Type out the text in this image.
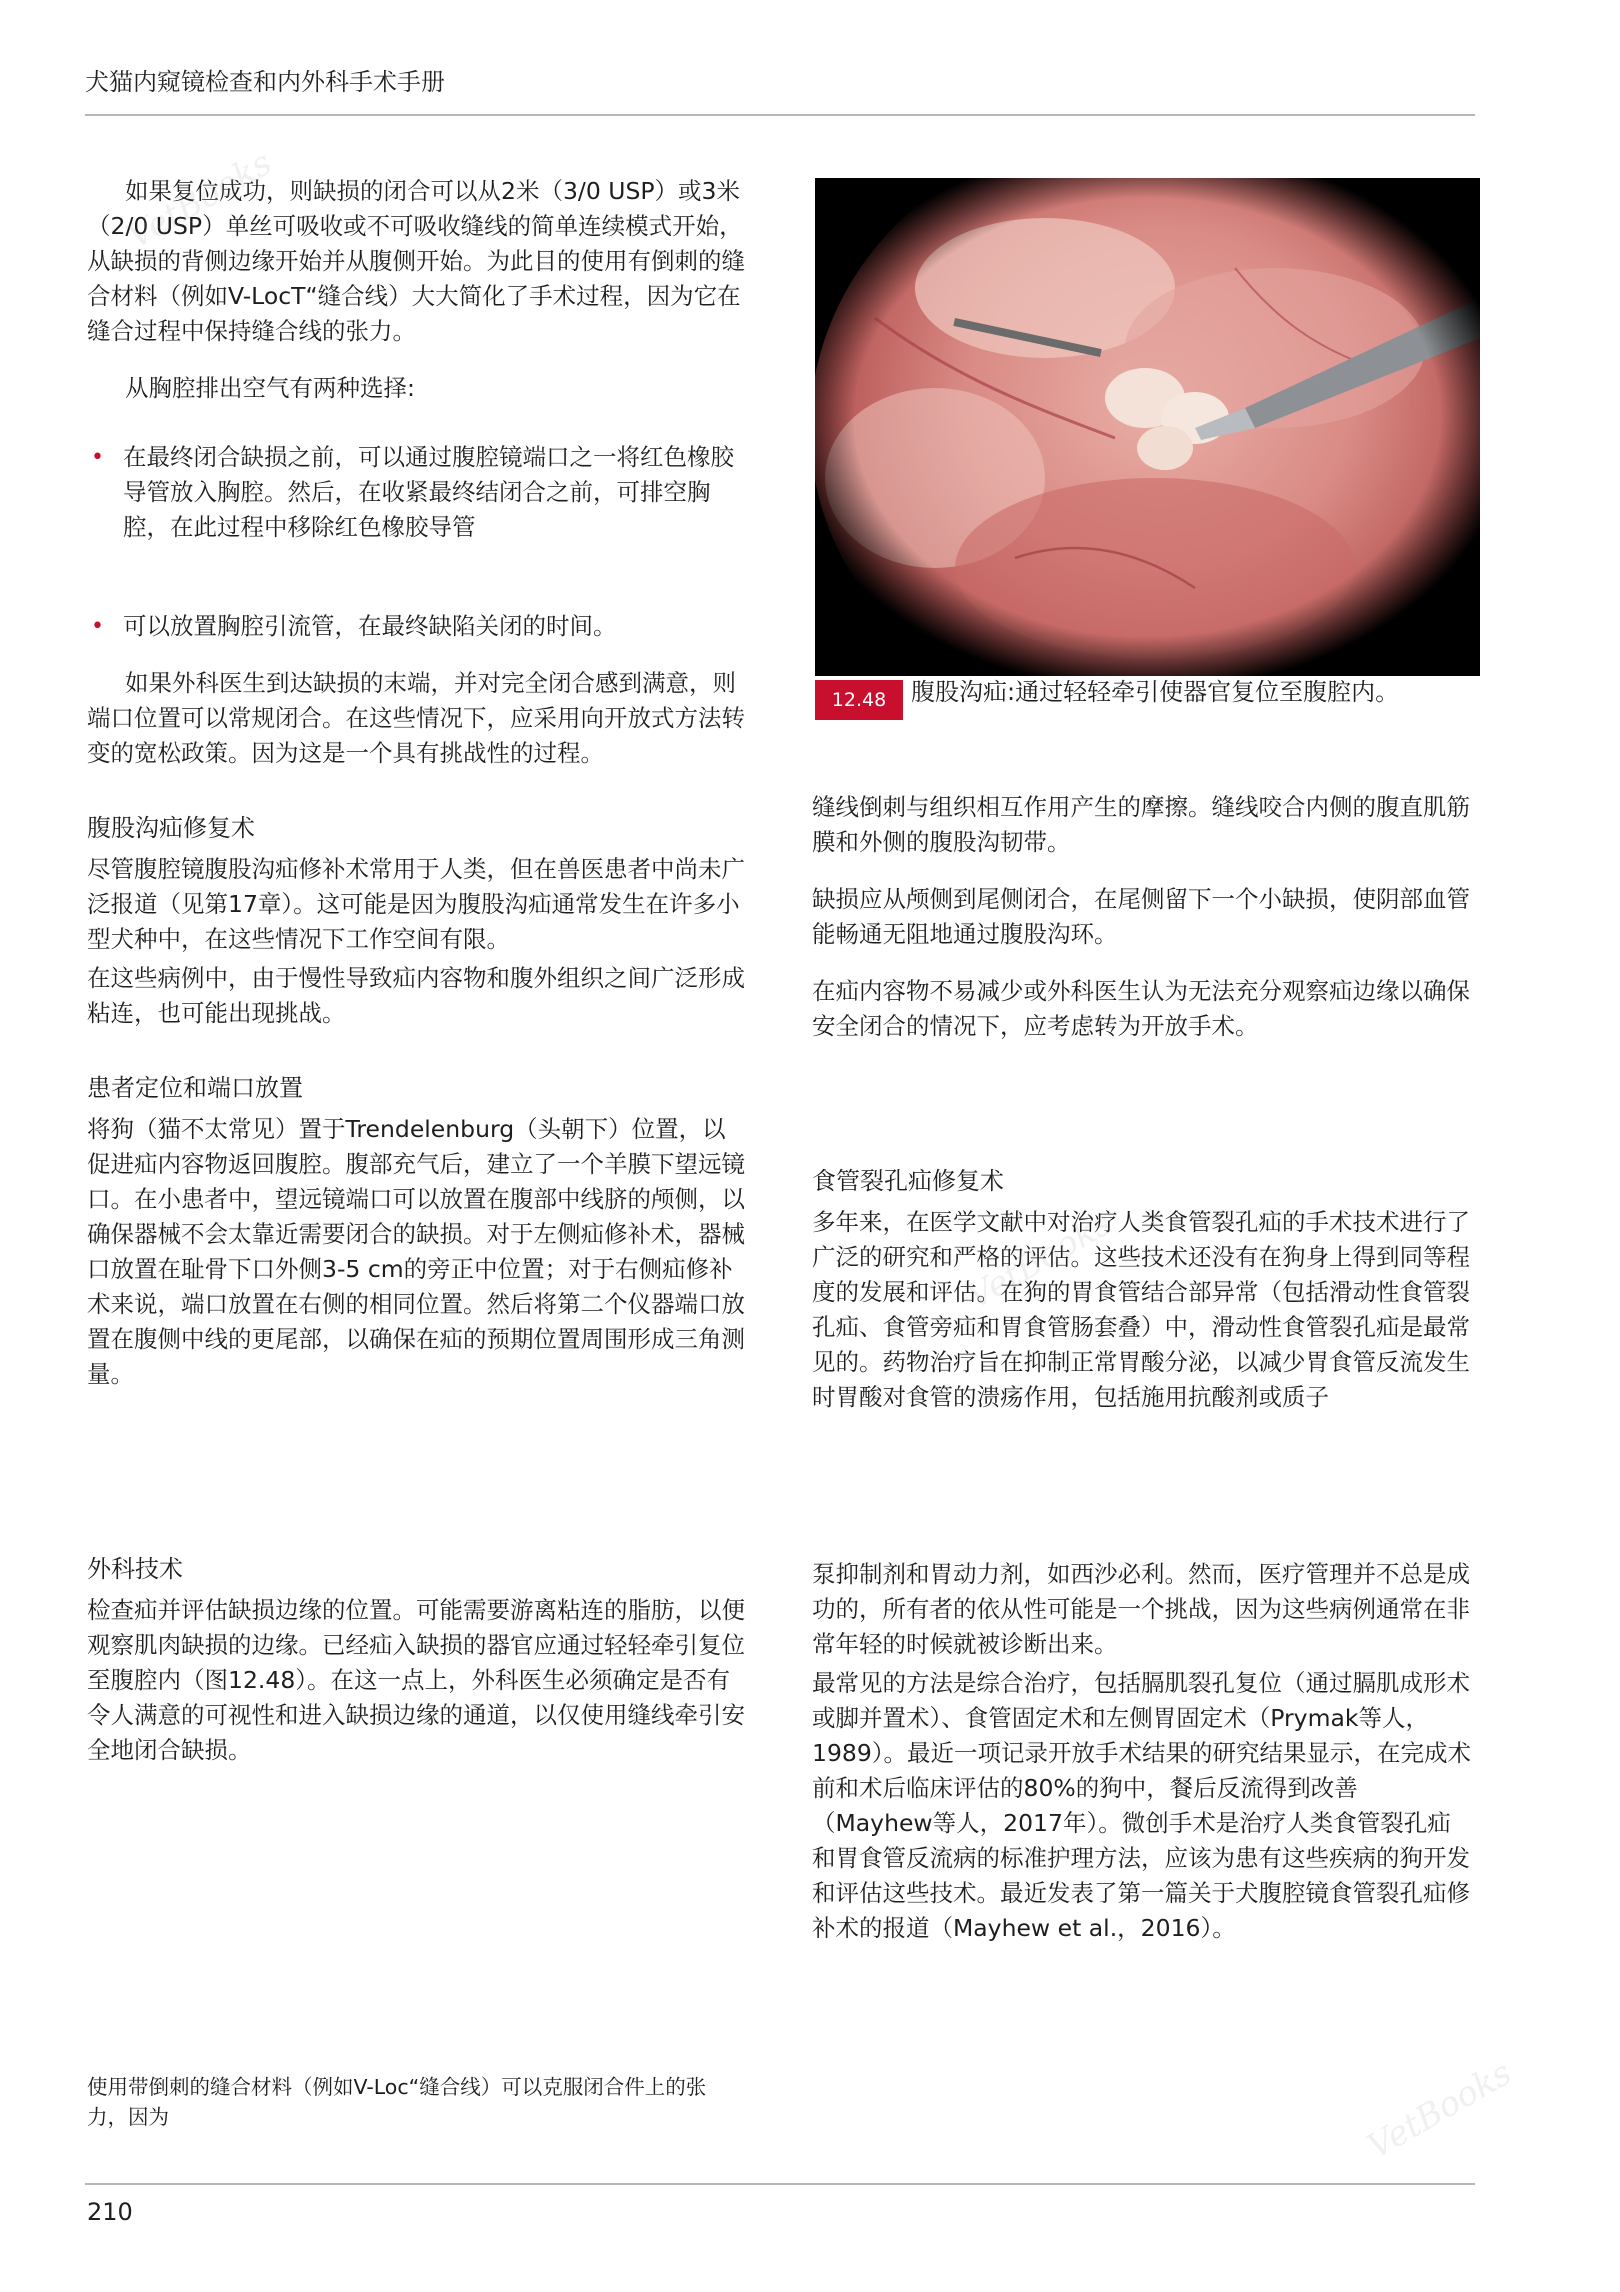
犬猫内窥镜检查和内外科手术手册

如果复位成功，则缺损的闭合可以从2米（3/0 USP）或3米（2/0 USP）单丝可吸收或不可吸收缝线的简单连续模式开始，从缺损的背侧边缘开始并从腹侧开始。为此目的使用有倒刺的缝合材料（例如V-LocT“缝合线）大大简化了手术过程，因为它在缝合过程中保持缝合线的张力。

从胸腔排出空气有两种选择:

• 在最终闭合缺损之前，可以通过腹腔镜端口之一将红色橡胶导管放入胸腔。然后，在收紧最终结闭合之前，可排空胸腔，在此过程中移除红色橡胶导管
• 可以放置胸腔引流管，在最终缺陷关闭的时间。

如果外科医生到达缺损的末端，并对完全闭合感到满意，则端口位置可以常规闭合。在这些情况下，应采用向开放式方法转变的宽松政策。因为这是一个具有挑战性的过程。

腹股沟疝修复术

尽管腹腔镜腹股沟疝修补术常用于人类，但在兽医患者中尚未广泛报道（见第17章）。这可能是因为腹股沟疝通常发生在许多小型犬种中，在这些情况下工作空间有限。

在这些病例中，由于慢性导致疝内容物和腹外组织之间广泛形成粘连，也可能出现挑战。

患者定位和端口放置

将狗（猫不太常见）置于Trendelenburg（头朝下）位置，以促进疝内容物返回腹腔。腹部充气后，建立了一个羊膜下望远镜口。在小患者中，望远镜端口可以放置在腹部中线脐的颅侧，以确保器械不会太靠近需要闭合的缺损。对于左侧疝修补术，器械口放置在耻骨下口外侧3-5 cm的旁正中位置；对于右侧疝修补术来说，端口放置在右侧的相同位置。然后将第二个仪器端口放置在腹侧中线的更尾部，以确保在疝的预期位置周围形成三角测量。

外科技术

检查疝并评估缺损边缘的位置。可能需要游离粘连的脂肪，以便观察肌肉缺损的边缘。已经疝入缺损的器官应通过轻轻牵引复位至腹腔内（图12.48）。在这一点上，外科医生必须确定是否有令人满意的可视性和进入缺损边缘的通道，以仅使用缝线牵引安全地闭合缺损。

使用带倒刺的缝合材料（例如V-Loc“缝合线）可以克服闭合件上的张力，因为
12.48	腹股沟疝:通过轻轻牵引使器官复位至腹腔内。

缝线倒刺与组织相互作用产生的摩擦。缝线咬合内侧的腹直肌筋膜和外侧的腹股沟韧带。

缺损应从颅侧到尾侧闭合，在尾侧留下一个小缺损，使阴部血管能畅通无阻地通过腹股沟环。

在疝内容物不易减少或外科医生认为无法充分观察疝边缘以确保安全闭合的情况下，应考虑转为开放手术。

食管裂孔疝修复术

多年来，在医学文献中对治疗人类食管裂孔疝的手术技术进行了广泛的研究和严格的评估。这些技术还没有在狗身上得到同等程度的发展和评估。在狗的胃食管结合部异常（包括滑动性食管裂孔疝、食管旁疝和胃食管肠套叠）中，滑动性食管裂孔疝是最常见的。药物治疗旨在抑制正常胃酸分泌，以减少胃食管反流发生时胃酸对食管的溃疡作用，包括施用抗酸剂或质子

泵抑制剂和胃动力剂，如西沙必利。然而，医疗管理并不总是成功的，所有者的依从性可能是一个挑战，因为这些病例通常在非常年轻的时候就被诊断出来。

最常见的方法是综合治疗，包括膈肌裂孔复位（通过膈肌成形术或脚并置术）、食管固定术和左侧胃固定术（Prymak等人，1989）。最近一项记录开放手术结果的研究结果显示，在完成术前和术后临床评估的80%的狗中，餐后反流得到改善（Mayhew等人，2017年）。微创手术是治疗人类食管裂孔疝和胃食管反流病的标准护理方法，应该为患有这些疾病的狗开发和评估这些技术。最近发表了第一篇关于犬腹腔镜食管裂孔疝修补术的报道（Mayhew et al.，2016）。

210
VetBooks
VetBooks
VetBooks
